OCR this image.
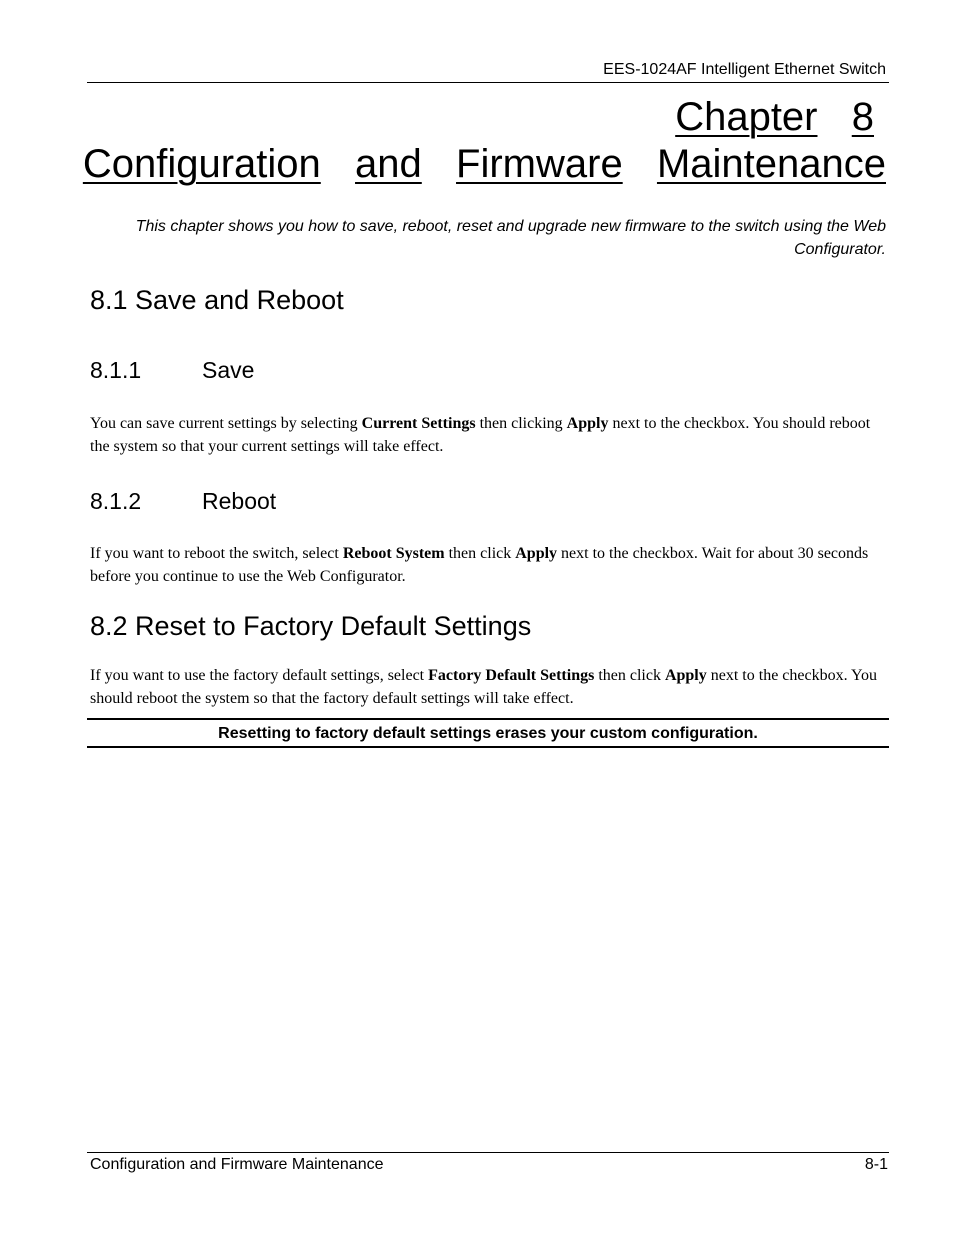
EES-1024AF Intelligent Ethernet Switch
Chapter 8
Configuration and Firmware Maintenance
This chapter shows you how to save, reboot, reset and upgrade new firmware to the switch using the Web Configurator.
8.1 Save and Reboot
8.1.1	Save

You can save current settings by selecting Current Settings then clicking Apply next to the checkbox. You should reboot the system so that your current settings will take effect.

8.1.2	Reboot

If you want to reboot the switch, select Reboot System then click Apply next to the checkbox. Wait for about 30 seconds before you continue to use the Web Configurator.

8.2 Reset to Factory Default Settings

If you want to use the factory default settings, select Factory Default Settings then click Apply next to the checkbox. You should reboot the system so that the factory default settings will take effect.

Resetting to factory default settings erases your custom configuration.
Configuration and Firmware Maintenance	8-1
